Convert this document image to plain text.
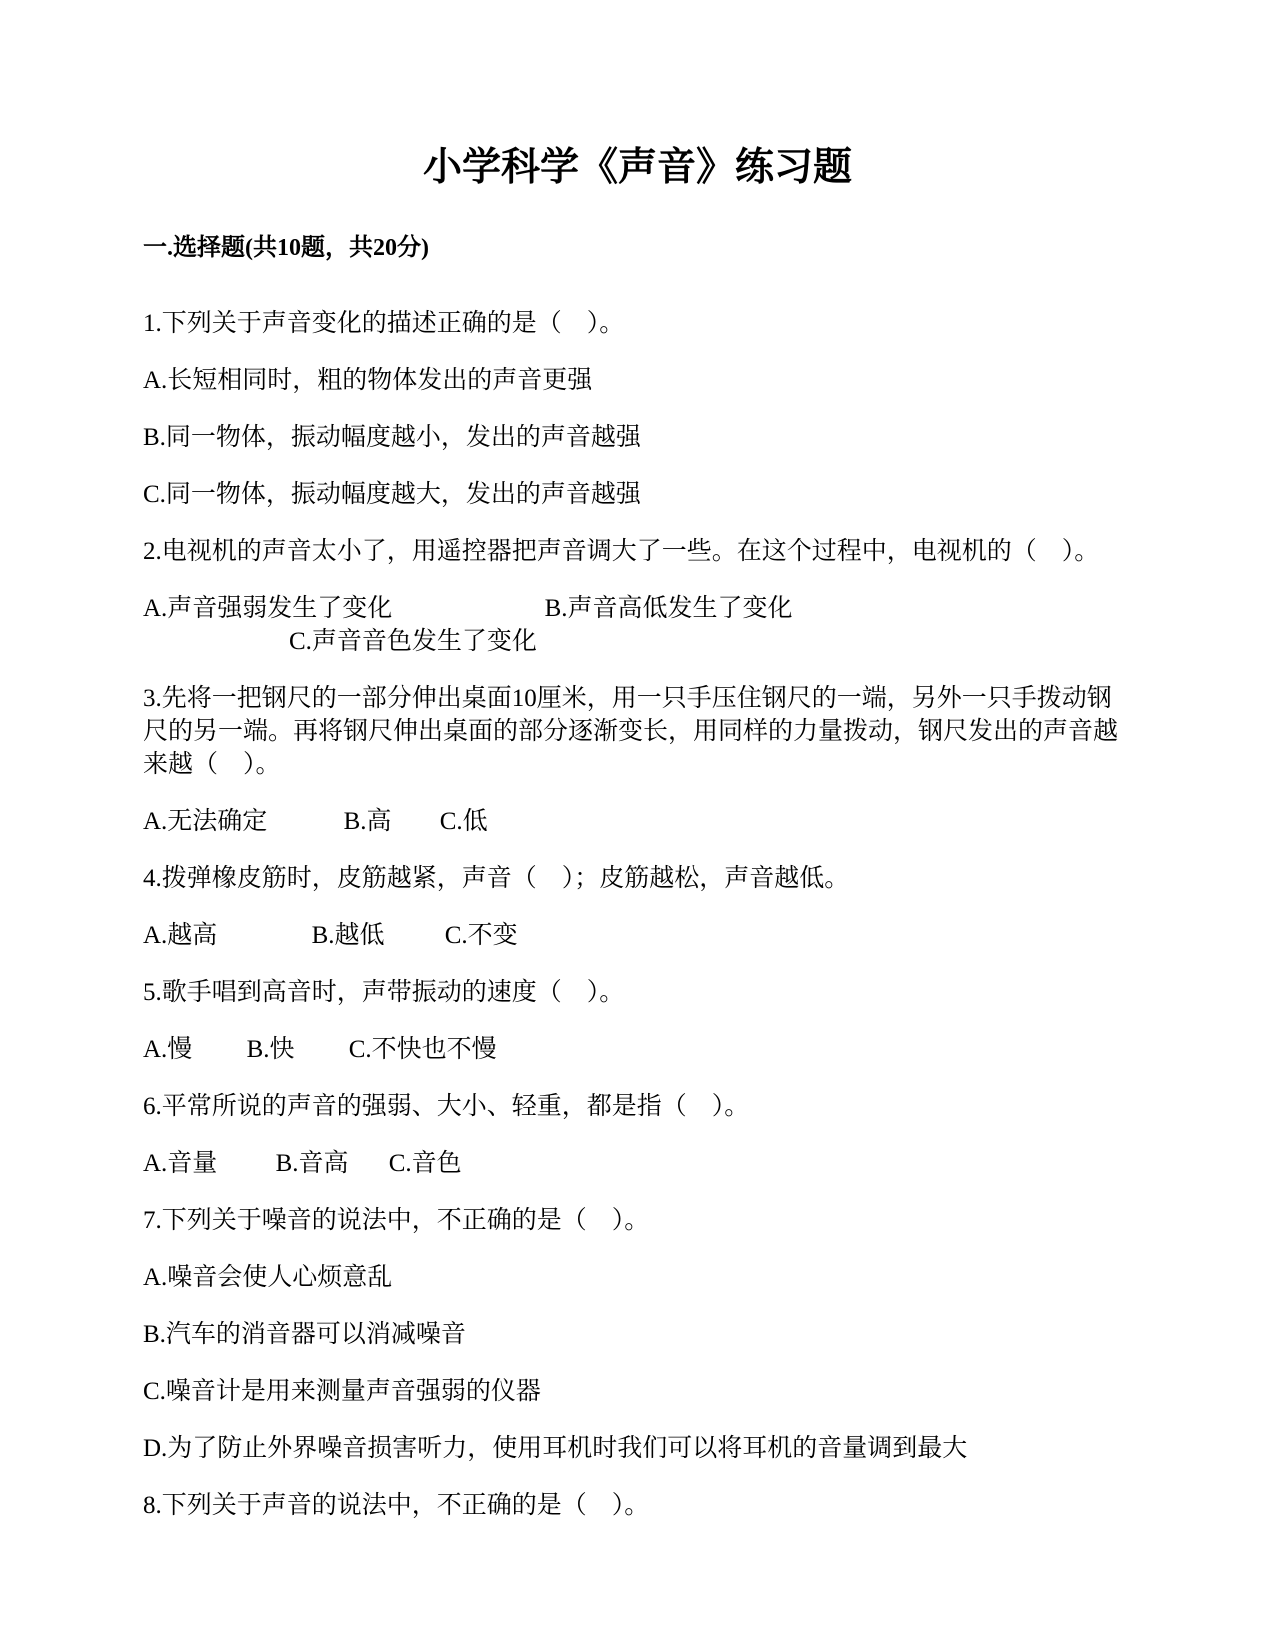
小学科学《声音》练习题
一.选择题(共10题，共20分)

1.下列关于声音变化的描述正确的是（　）。

A.长短相同时，粗的物体发出的声音更强

B.同一物体，振动幅度越小，发出的声音越强

C.同一物体，振动幅度越大，发出的声音越强

2.电视机的声音太小了，用遥控器把声音调大了一些。在这个过程中，电视机的（　）。

A.声音强弱发生了变化	B.声音高低发生了变化 C.声音音色发生了变化

3.先将一把钢尺的一部分伸出桌面10厘米，用一只手压住钢尺的一端，另外一只手拨动钢尺的另一端。再将钢尺伸出桌面的部分逐渐变长，用同样的力量拨动，钢尺发出的声音越来越（　）。

A.无法确定	B.高 C.低

4.拨弹橡皮筋时，皮筋越紧，声音（　）；皮筋越松，声音越低。

A.越高	B.越低 C.不变

5.歌手唱到高音时，声带振动的速度（　）。

A.慢 B.快 C.不快也不慢

6.平常所说的声音的强弱、大小、轻重，都是指（　）。

A.音量 B.音高 C.音色

7.下列关于噪音的说法中，不正确的是（　）。

A.噪音会使人心烦意乱

B.汽车的消音器可以消减噪音

C.噪音计是用来测量声音强弱的仪器

D.为了防止外界噪音损害听力，使用耳机时我们可以将耳机的音量调到最大

8.下列关于声音的说法中，不正确的是（　）。
